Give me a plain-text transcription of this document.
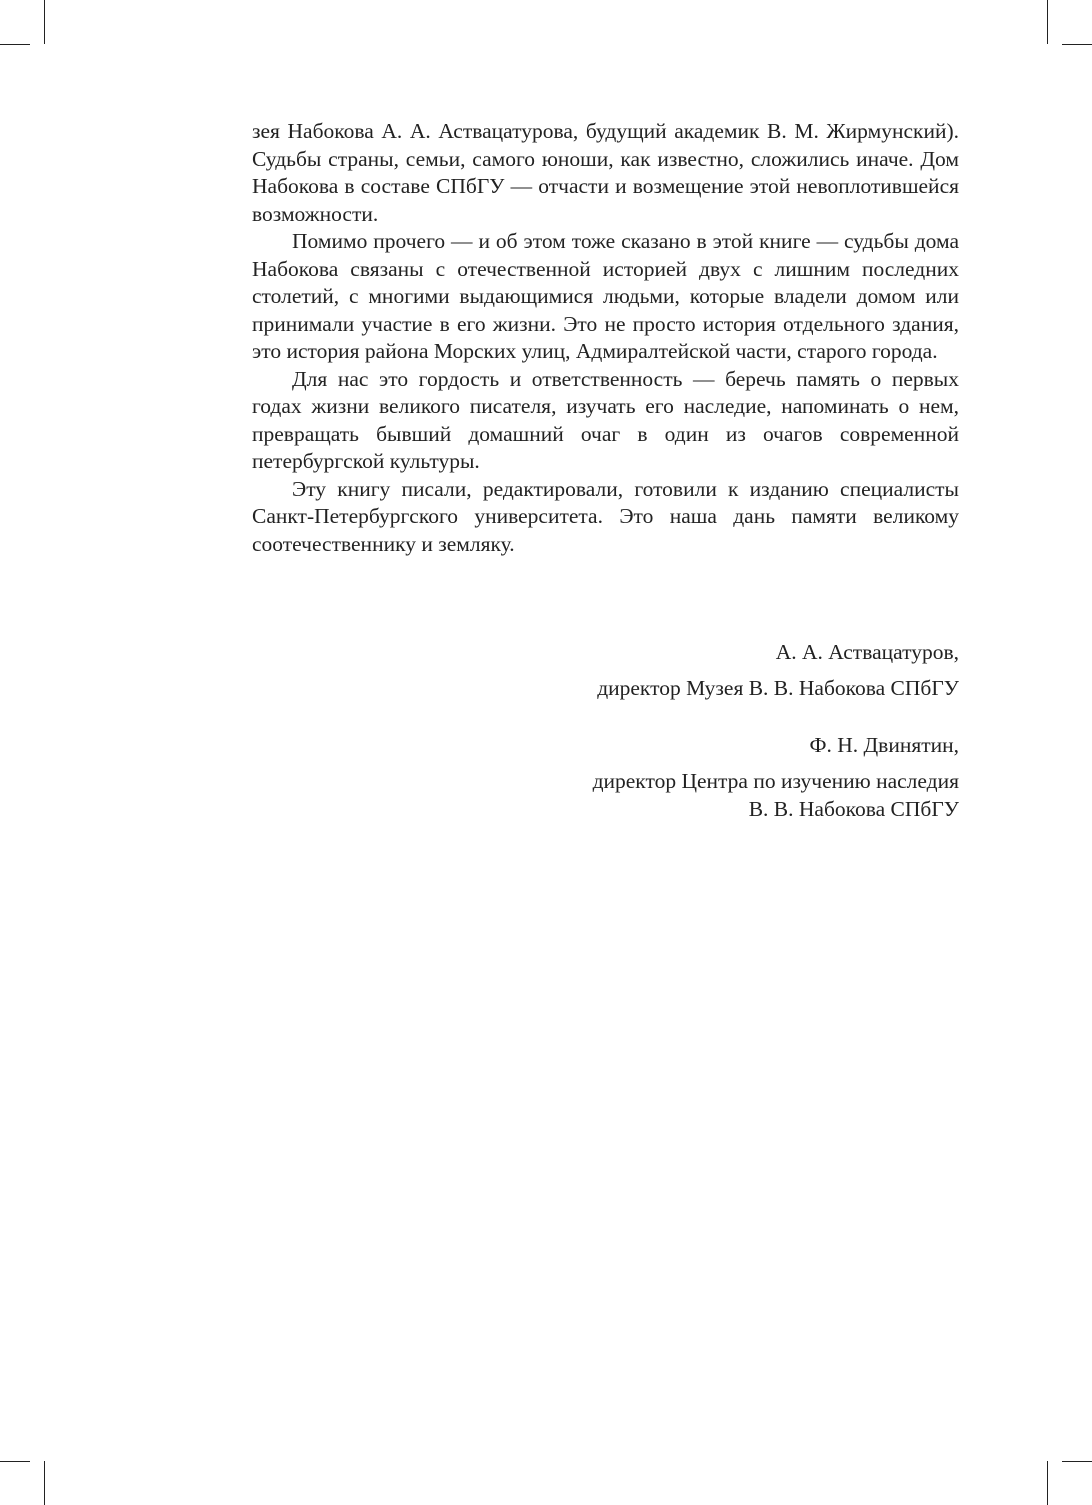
зея Набокова А. А. Аствацатурова, будущий академик В. М. Жирмунский). Судьбы страны, семьи, самого юноши, как известно, сложились иначе. Дом Набокова в составе СПбГУ — отчасти и возмещение этой невоплотившейся возможности.

Помимо прочего — и об этом тоже сказано в этой книге — судьбы дома Набокова связаны с отечественной историей двух с лишним последних столетий, с многими выдающимися людьми, которые владели домом или принимали участие в его жизни. Это не просто история отдельного здания, это история района Морских улиц, Адмиралтейской части, старого города.

Для нас это гордость и ответственность — беречь память о первых годах жизни великого писателя, изучать его наследие, напоминать о нем, превращать бывший домашний очаг в один из очагов современной петербургской культуры.

Эту книгу писали, редактировали, готовили к изданию специалисты Санкт-Петербургского университета. Это наша дань памяти великому соотечественнику и земляку.

А. А. Аствацатуров,
директор Музея В. В. Набокова СПбГУ
Ф. Н. Двинятин,
директор Центра по изучению наследия
В. В. Набокова СПбГУ
